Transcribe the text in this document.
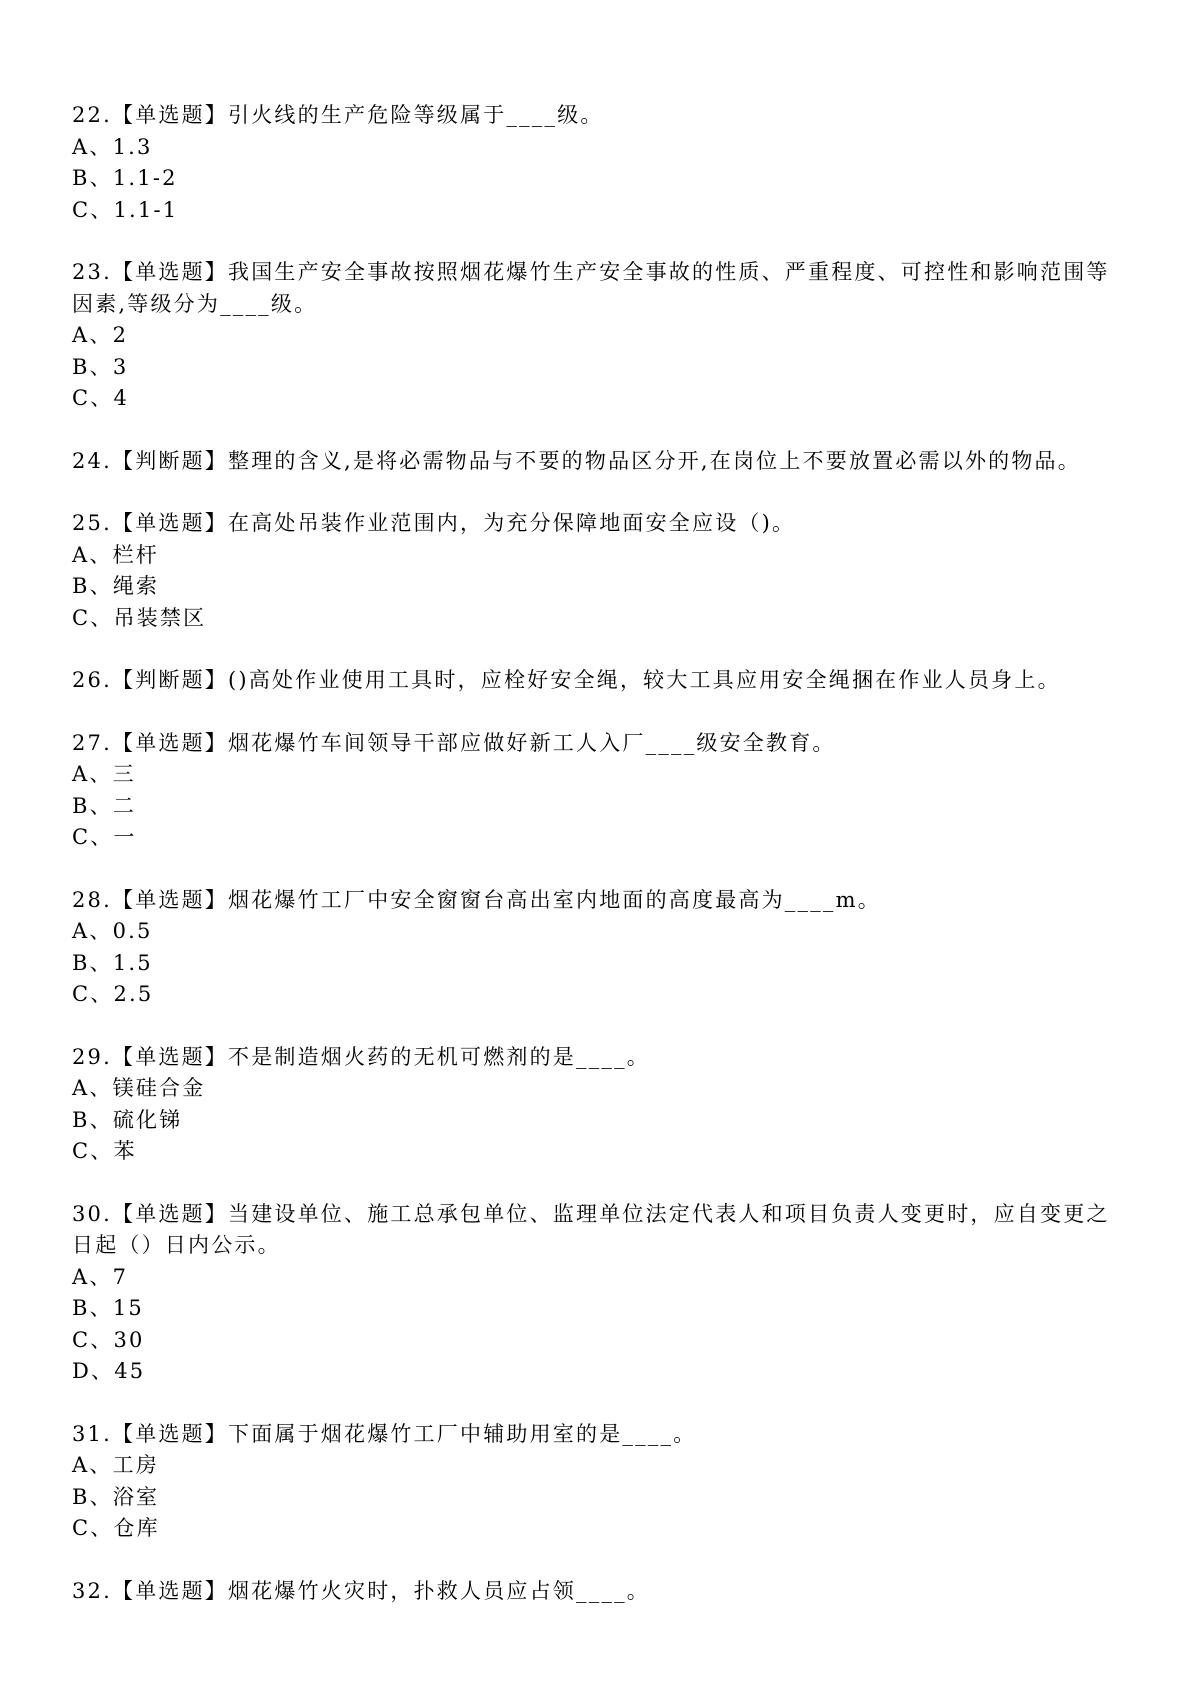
22.【单选题】引火线的生产危险等级属于____级。
A、1.3
B、1.1-2
C、1.1-1
23.【单选题】我国生产安全事故按照烟花爆竹生产安全事故的性质、严重程度、可控性和影响范围等因素,等级分为____级。
A、2
B、3
C、4
24.【判断题】整理的含义,是将必需物品与不要的物品区分开,在岗位上不要放置必需以外的物品。
25.【单选题】在高处吊装作业范围内，为充分保障地面安全应设（)。
A、栏杆
B、绳索
C、吊装禁区
26.【判断题】()高处作业使用工具时，应栓好安全绳，较大工具应用安全绳捆在作业人员身上。
27.【单选题】烟花爆竹车间领导干部应做好新工人入厂____级安全教育。
A、三
B、二
C、一
28.【单选题】烟花爆竹工厂中安全窗窗台高出室内地面的高度最高为____m。
A、0.5
B、1.5
C、2.5
29.【单选题】不是制造烟火药的无机可燃剂的是____。
A、镁硅合金
B、硫化锑
C、苯
30.【单选题】当建设单位、施工总承包单位、监理单位法定代表人和项目负责人变更时，应自变更之日起（）日内公示。
A、7
B、15
C、30
D、45
31.【单选题】下面属于烟花爆竹工厂中辅助用室的是____。
A、工房
B、浴室
C、仓库
32.【单选题】烟花爆竹火灾时，扑救人员应占领____。
